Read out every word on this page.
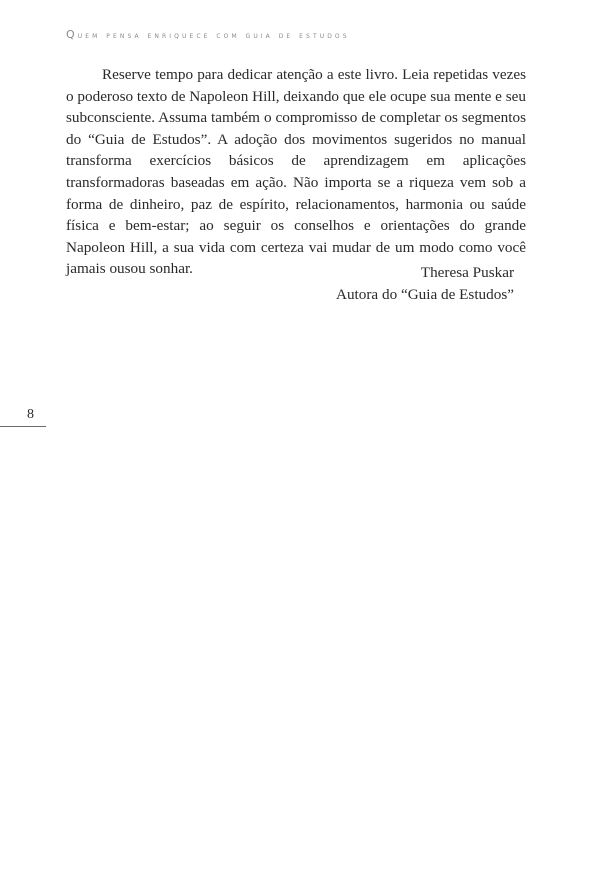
Quem pensa enriquece com guia de estudos

Reserve tempo para dedicar atenção a este livro. Leia repetidas vezes o poderoso texto de Napoleon Hill, deixando que ele ocupe sua mente e seu subconsciente. Assuma também o compromisso de completar os segmentos do “Guia de Estudos”. A adoção dos movimentos sugeridos no manual transforma exercícios básicos de aprendizagem em aplicações transformadoras baseadas em ação. Não importa se a riqueza vem sob a forma de dinheiro, paz de espírito, relacionamentos, harmonia ou saúde física e bem-estar; ao seguir os conselhos e orientações do grande Napoleon Hill, a sua vida com certeza vai mudar de um modo como você jamais ousou sonhar.	Theresa Puskar
Autora do “Guia de Estudos”
8
